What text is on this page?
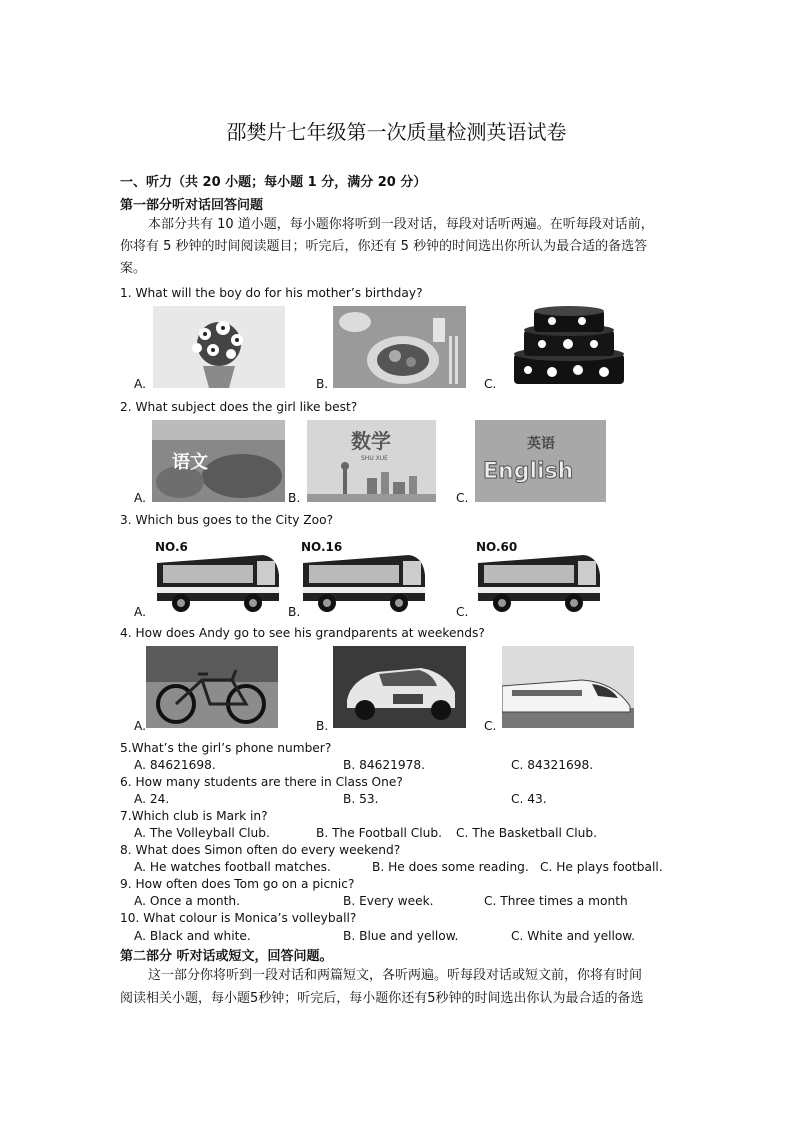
邵樊片七年级第一次质量检测英语试卷
一、听力（共 20 小题；每小题 1 分，满分 20 分）
第一部分听对话回答问题
本部分共有 10 道小题，每小题你将听到一段对话，每段对话听两遍。在听每段对话前，
你将有 5 秒钟的时间阅读题目；听完后，你还有 5 秒钟的时间选出你所认为最合适的备选答
案。
1. What will the boy do for his mother’s birthday?
A.	B.	C.
2. What subject does the girl like best?
A.
语文
B.
数学
SHU XUE
C.
英语
English
3. Which bus goes to the City Zoo?
A.
NO.6
B.
NO.16
C.
NO.60
4. How does Andy go to see his grandparents at weekends?
A.	B.	C.
5.What’s the girl’s phone number?
A. 84621698.	B. 84621978.	C. 84321698.
6. How many students are there in Class One?
A. 24.	B. 53.	C. 43.
7.Which club is Mark in?
A. The Volleyball Club.	B. The Football Club. C. The Basketball Club.
8. What does Simon often do every weekend?
A. He watches football matches.	B. He does some reading. C. He plays football.
9. How often does Tom go on a picnic?
A. Once a month.	B. Every week.	C. Three times a month
10. What colour is Monica’s volleyball?
A. Black and white.	B. Blue and yellow.	C. White and yellow.
第二部分 听对话或短文，回答问题。
这一部分你将听到一段对话和两篇短文，各听两遍。听每段对话或短文前，你将有时间
阅读相关小题，每小题5秒钟；听完后，每小题你还有5秒钟的时间选出你认为最合适的备选
